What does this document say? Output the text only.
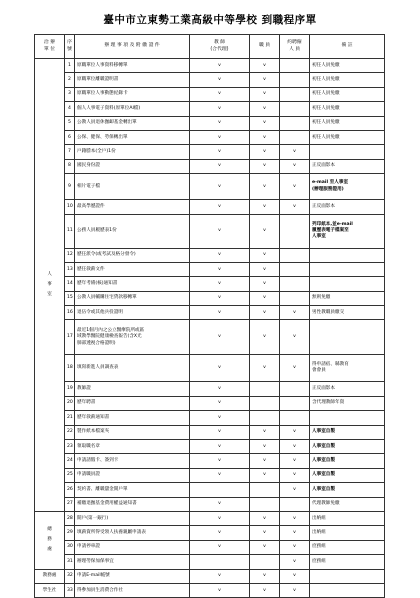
臺中市立東勢工業高級中等學校 到職程序單
洽 辦
單 位	序
號	辦 理 事 項 及 附 繳 證 件	教 師
(合代理)	職 員	約聘僱
人 員	備 註

人
事
室	1	原職單位人事資料移轉單	v	v		初任人員免繳
	2	原職單位離職證明書	v	v		初任人員免繳
	3	原職單位人事動態紀錄卡	v	v		初任人員免繳
	4	個人人事電子資料(原單位AI檔)	v	v		初任人員免繳
	5	公教人員退休撫卹基金轉出單	v	v		初任人員免繳
	6	公保、健保、勞保轉出單	v	v		初任人員免繳
	7	戶籍謄本(全戶)1份	v	v	v	
	8	國民身份證	v	v	v	正反面影本
	9	相片電子檔	v	v	v	e-mail 至人事室
(辦理服務證用)
	10	最高學歷證件	v	v	v	正反面影本
	11	公務人員履歷表1份	v	v		列印紙本,並e-mail
履歷表電子檔案至
人事室
	12	歷任派令(或考試及格分發令)	v	v		
	13	歷任敘薪文件	v	v		
	14	歷年考績(核)通知書	v	v		
	15	公教人員輔購住宅貸款移轉單	v	v		無則免繳
	16	退伍令或其他兵役證明	v	v	v	男性教職員繳交
	17	最近1個月內之公立醫療院所或區
域教學醫院健康檢查報告(含X光
肺部透視合格證明)	v	v	v	
	18	填寫新進人員調查表	v	v	v	得申請宿、縣教育
會會員
	19	教師證	v			正反面影本
	20	歷年聘書	v			含代理教師年資
	21	歷年敘薪通知書	v			
	22	製作紙本檔案夾	v	v	v	人事室自製
	23	領取職名章	v	v	v	人事室自製
	24	申請請假卡、簽到卡	v	v	v	人事室自製
	25	申請職員證	v	v	v	人事室自製
	26	契約書、離職儲金開戶單			v	人事室自製
	27	補繳退撫基金費用權益通知書	v			代理教師免繳

總
務
處	28	開戶(第一銀行)	v	v	v	出納組
	29	填薪資所得受領人扶養親屬申請表	v	v	v	出納組
	30	申請停車證	v	v	v	庶務組
	31	辦理勞保加保事宜			v	庶務組
教務處	32	申請E-mail帳號	v	v	v	
學生社	33	得參加員生消費合作社	v	v	v	
